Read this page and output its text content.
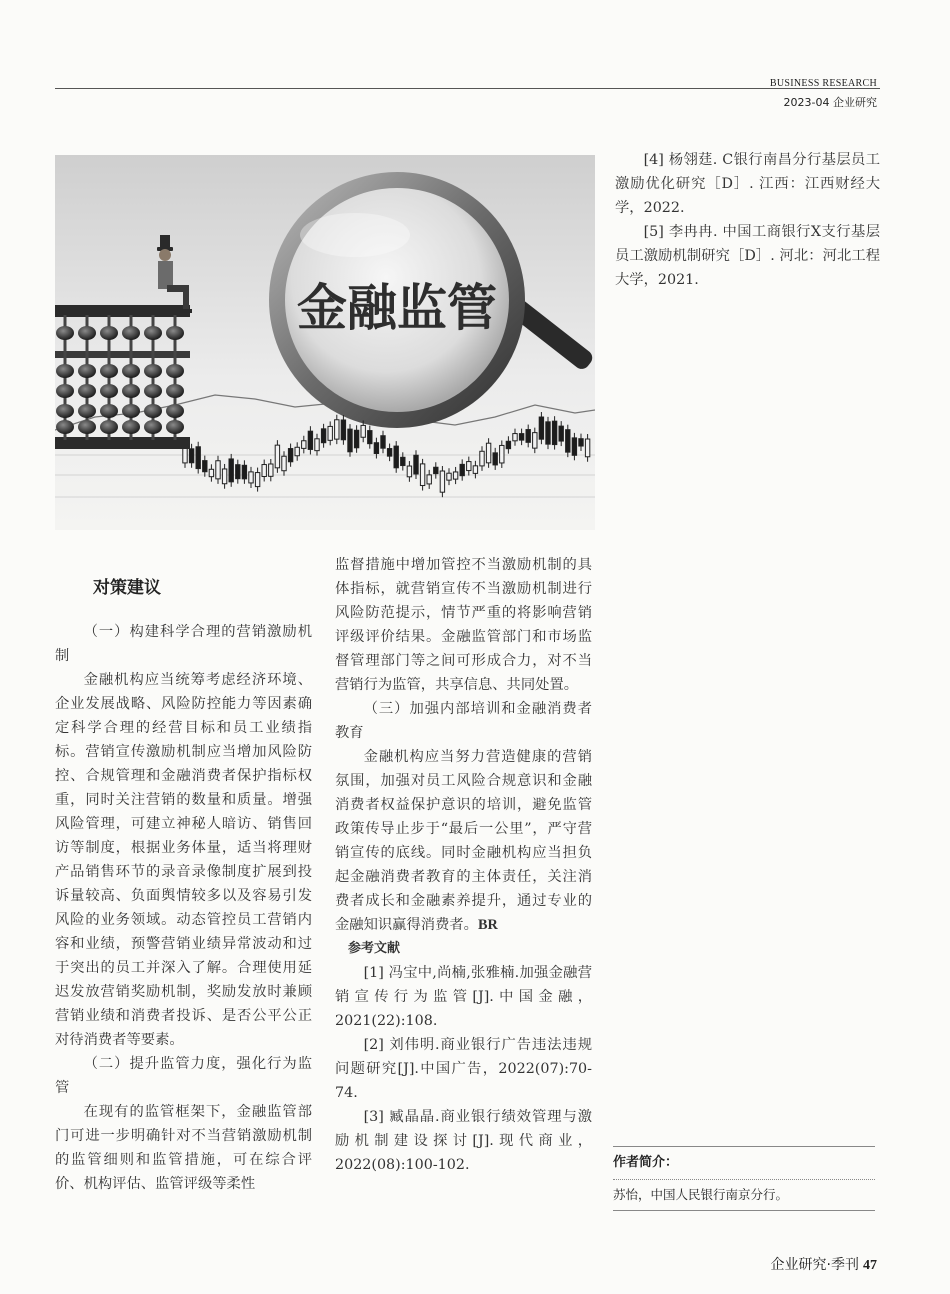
BUSINESS RESEARCH
2023-04 企业研究
金融监管

对策建议

（一）构建科学合理的营销激励机制

金融机构应当统筹考虑经济环境、企业发展战略、风险防控能力等因素确定科学合理的经营目标和员工业绩指标。营销宣传激励机制应当增加风险防控、合规管理和金融消费者保护指标权重，同时关注营销的数量和质量。增强风险管理，可建立神秘人暗访、销售回访等制度，根据业务体量，适当将理财产品销售环节的录音录像制度扩展到投诉量较高、负面舆情较多以及容易引发风险的业务领域。动态管控员工营销内容和业绩，预警营销业绩异常波动和过于突出的员工并深入了解。合理使用延迟发放营销奖励机制，奖励发放时兼顾营销业绩和消费者投诉、是否公平公正对待消费者等要素。

（二）提升监管力度，强化行为监管

在现有的监管框架下，金融监管部门可进一步明确针对不当营销激励机制的监管细则和监管措施，可在综合评价、机构评估、监管评级等柔性

监督措施中增加管控不当激励机制的具体指标，就营销宣传不当激励机制进行风险防范提示，情节严重的将影响营销评级评价结果。金融监管部门和市场监督管理部门等之间可形成合力，对不当营销行为监管，共享信息、共同处置。

（三）加强内部培训和金融消费者教育

金融机构应当努力营造健康的营销氛围，加强对员工风险合规意识和金融消费者权益保护意识的培训，避免监管政策传导止步于“最后一公里”，严守营销宣传的底线。同时金融机构应当担负起金融消费者教育的主体责任，关注消费者成长和金融素养提升，通过专业的金融知识赢得消费者。BR

参考文献

[1] 冯宝中,尚楠,张雅楠.加强金融营销宣传行为监管[J].中国金融，2021(22):108.

[2] 刘伟明.商业银行广告违法违规问题研究[J].中国广告，2022(07):70-74.

[3] 臧晶晶.商业银行绩效管理与激励机制建设探讨[J].现代商业，2022(08):100-102.

[4] 杨翎莛. C银行南昌分行基层员工激励优化研究［D］. 江西：江西财经大学，2022.

[5] 李冉冉. 中国工商银行X支行基层员工激励机制研究［D］. 河北：河北工程大学，2021.

作者简介：
苏怡，中国人民银行南京分行。
企业研究·季刊 47
